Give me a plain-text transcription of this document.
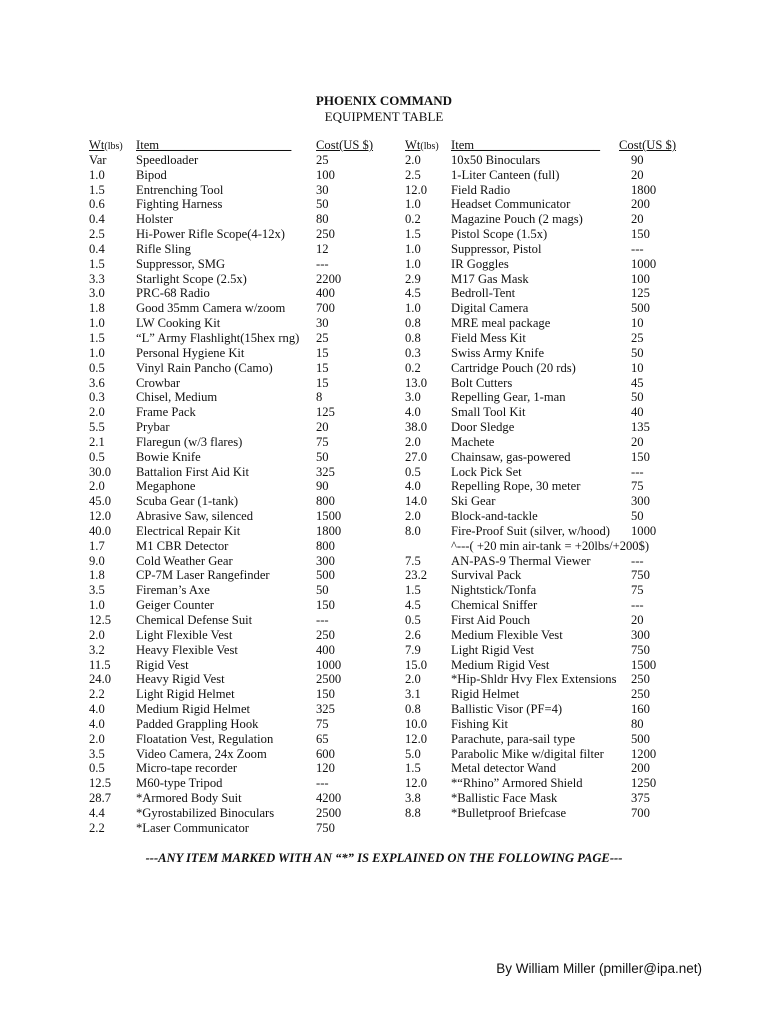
PHOENIX COMMAND
EQUIPMENT TABLE
Wt(lbs) Item_____________________ Cost(US $)
Var Speedloader	25
1.0 Bipod	100
1.5 Entrenching Tool	30
0.6 Fighting Harness	50
0.4 Holster	80
2.5 Hi-Power Rifle Scope(4-12x) 250
0.4 Rifle Sling	12
1.5 Suppressor, SMG	---
3.3 Starlight Scope (2.5x)	2200
3.0 PRC-68 Radio	400
1.8 Good 35mm Camera w/zoom 700
1.0 LW Cooking Kit	30
1.5 “L” Army Flashlight(15hex rng) 25
1.0 Personal Hygiene Kit	15
0.5 Vinyl Rain Pancho (Camo)	15
3.6 Crowbar	15
0.3 Chisel, Medium	8
2.0 Frame Pack	125
5.5 Prybar	20
2.1 Flaregun (w/3 flares)	75
0.5 Bowie Knife	50
30.0 Battalion First Aid Kit	325
2.0 Megaphone	90
45.0 Scuba Gear (1-tank)	800
12.0 Abrasive Saw, silenced	1500
40.0 Electrical Repair Kit	1800
1.7 M1 CBR Detector	800
9.0 Cold Weather Gear	300
1.8 CP-7M Laser Rangefinder	500
3.5 Fireman’s Axe	50
1.0 Geiger Counter	150
12.5 Chemical Defense Suit	---
2.0 Light Flexible Vest	250
3.2 Heavy Flexible Vest	400
11.5 Rigid Vest	1000
24.0 Heavy Rigid Vest	2500
2.2 Light Rigid Helmet	150
4.0 Medium Rigid Helmet	325
4.0 Padded Grappling Hook	75
2.0 Floatation Vest, Regulation	65
3.5 Video Camera, 24x Zoom	600
0.5 Micro-tape recorder	120
12.5 M60-type Tripod	---
28.7 *Armored Body Suit	4200
4.4 *Gyrostabilized Binoculars	2500
2.2 *Laser Communicator	750
Wt(lbs) Item____________________ Cost(US $)
2.0 10x50 Binoculars	90
2.5 1-Liter Canteen (full)	20
12.0 Field Radio	1800
1.0 Headset Communicator	200
0.2 Magazine Pouch (2 mags)	20
1.5 Pistol Scope (1.5x)	150
1.0 Suppressor, Pistol	---
1.0 IR Goggles	1000
2.9 M17 Gas Mask	100
4.5 Bedroll-Tent	125
1.0 Digital Camera	500
0.8 MRE meal package	10
0.8 Field Mess Kit	25
0.3 Swiss Army Knife	50
0.2 Cartridge Pouch (20 rds)	10
13.0 Bolt Cutters	45
3.0 Repelling Gear, 1-man	50
4.0 Small Tool Kit	40
38.0 Door Sledge	135
2.0 Machete	20
27.0 Chainsaw, gas-powered	150
0.5 Lock Pick Set	---
4.0 Repelling Rope, 30 meter	75
14.0 Ski Gear	300
2.0 Block-and-tackle	50
8.0 Fire-Proof Suit (silver, w/hood) 1000
^---( +20 min air-tank = +20lbs/+200$)
7.5 AN-PAS-9 Thermal Viewer	---
23.2 Survival Pack	750
1.5 Nightstick/Tonfa	75
4.5 Chemical Sniffer	---
0.5 First Aid Pouch	20
2.6 Medium Flexible Vest	300
7.9 Light Rigid Vest	750
15.0 Medium Rigid Vest	1500
2.0 *Hip-Shldr Hvy Flex Extensions 250
3.1 Rigid Helmet	250
0.8 Ballistic Visor (PF=4)	160
10.0 Fishing Kit	80
12.0 Parachute, para-sail type	500
5.0 Parabolic Mike w/digital filter 1200
1.5 Metal detector Wand	200
12.0 *“Rhino” Armored Shield	1250
3.8 *Ballistic Face Mask	375
8.8 *Bulletproof Briefcase	700
---ANY ITEM MARKED WITH AN “*” IS EXPLAINED ON THE FOLLOWING PAGE---
By William Miller (pmiller@ipa.net)
